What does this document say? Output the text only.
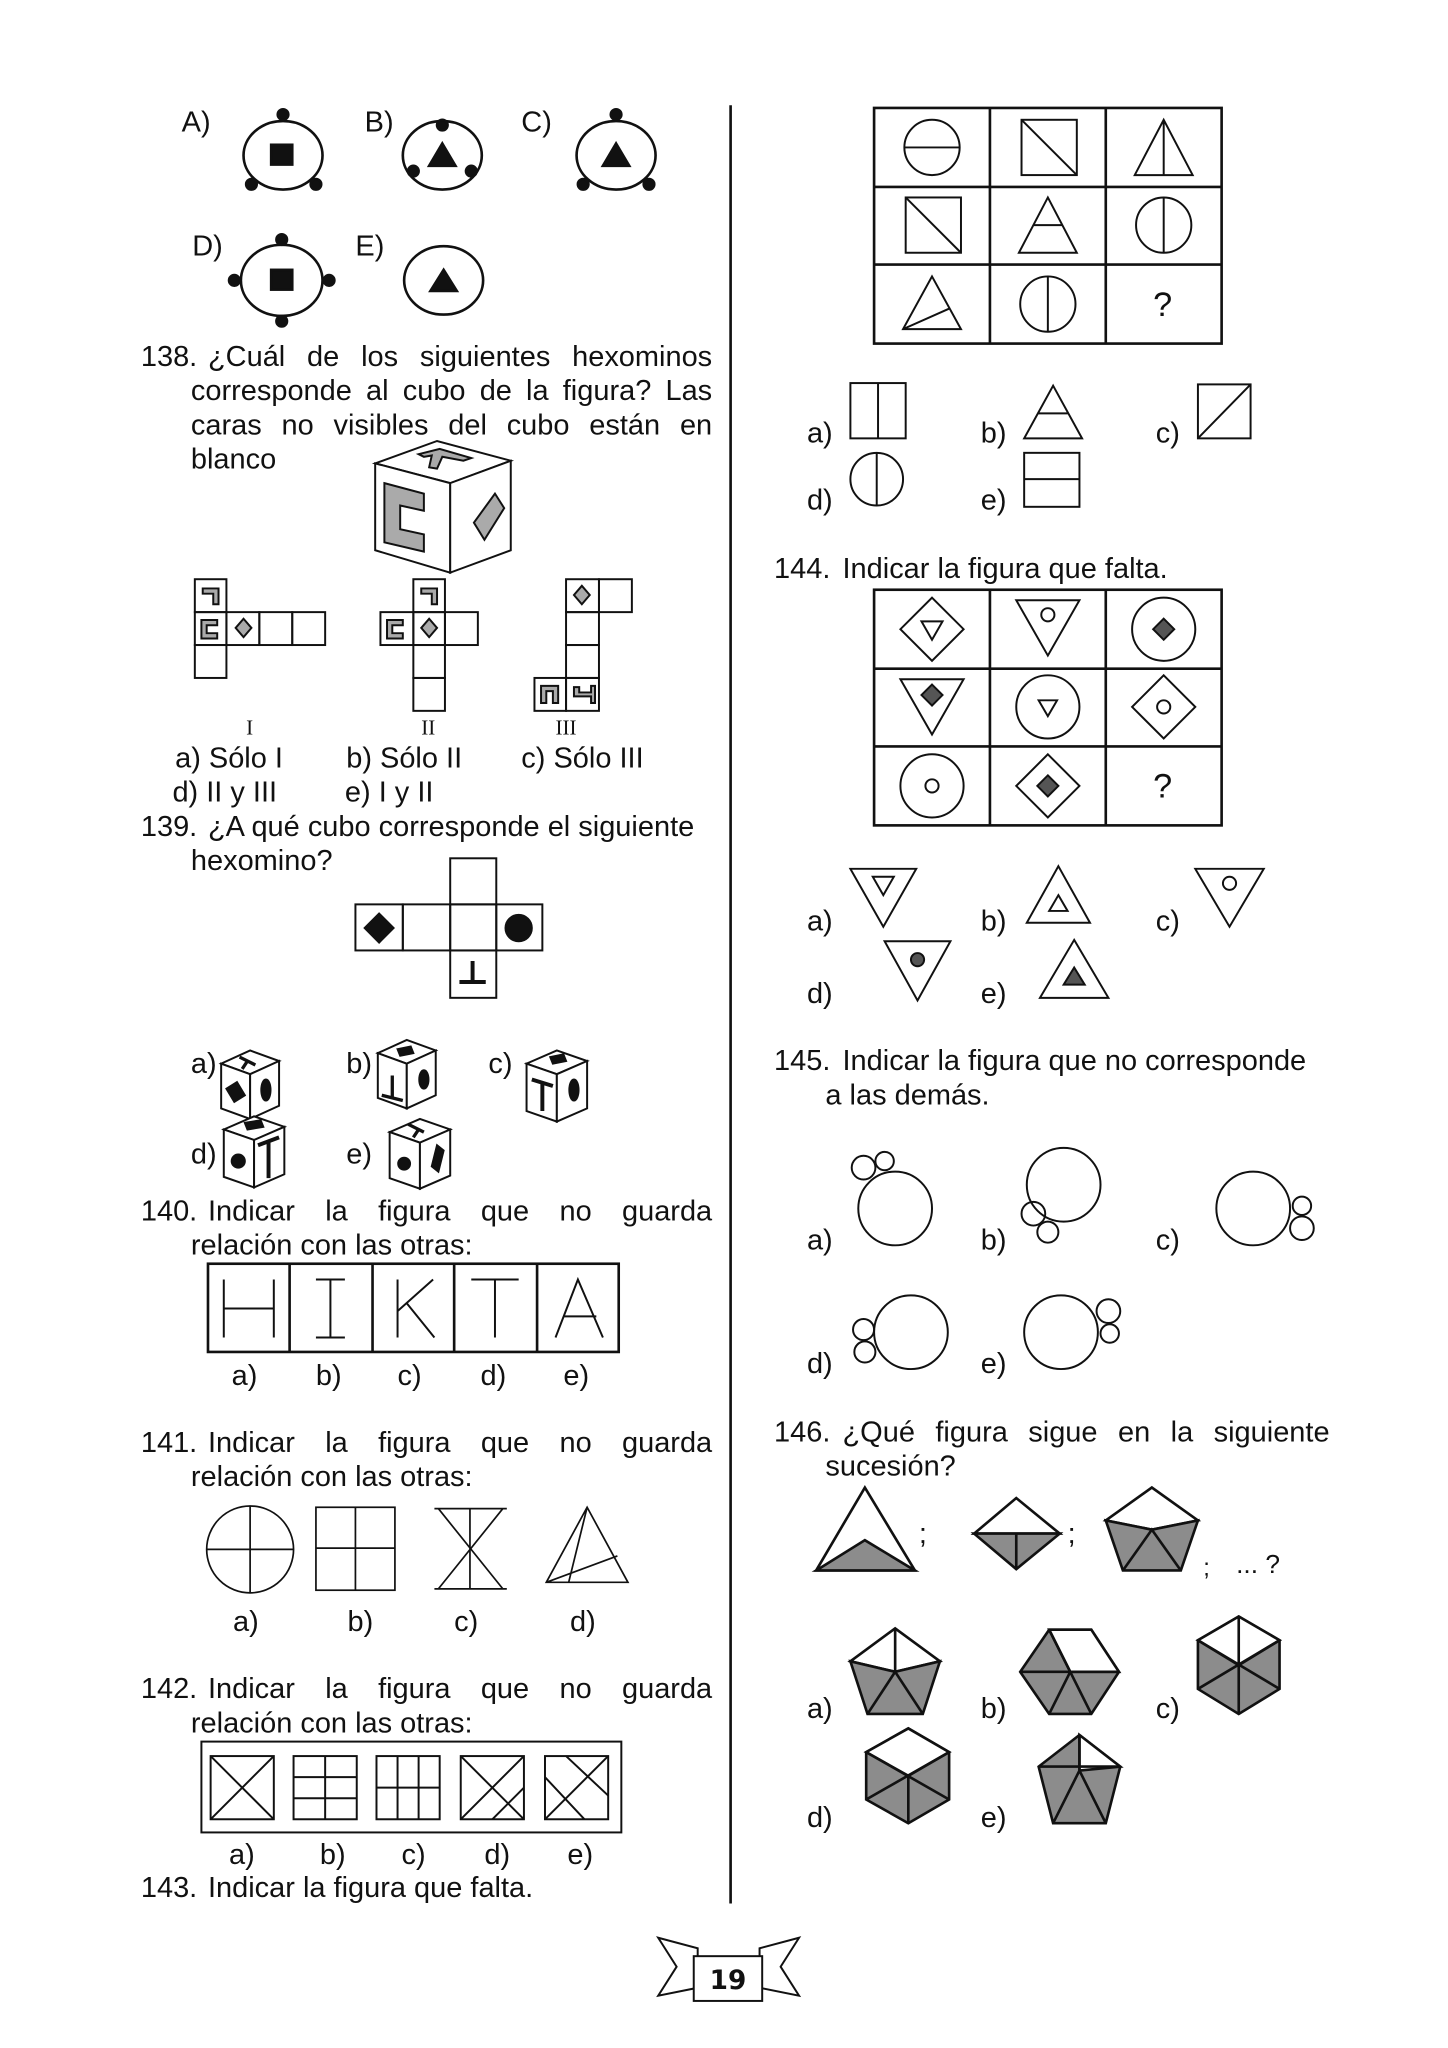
A)	B)	C)
D)	E)
138. ¿Cuál de los siguientes hexominos
corresponde al cubo de la figura? Las
caras no visibles del cubo están en
blanco
I	II	III
a) Sólo I	b) Sólo II	c) Sólo III
d) II y III	e) I y II
139. ¿A qué cubo corresponde el siguiente
hexomino?
a)	b)	c)
d)	e)
140. Indicar la figura que no guarda
relación con las otras:
a)	b)	c)	d)	e)
141. Indicar la figura que no guarda
relación con las otras:
a)	b)	c)	d)
142. Indicar la figura que no guarda
relación con las otras:
a)	b)	c)	d)	e)
143. Indicar la figura que falta.
?
a)	b)	c)
d)	e)
144. Indicar la figura que falta.
?
a)	b)	c)
d)	e)
145. Indicar la figura que no corresponde
a las demás.
a)	b)	c)
d)	e)
146. ¿Qué figura sigue en la siguiente
sucesión?
;	;
; ... ?
a)	b)	c)
d)	e)
19
